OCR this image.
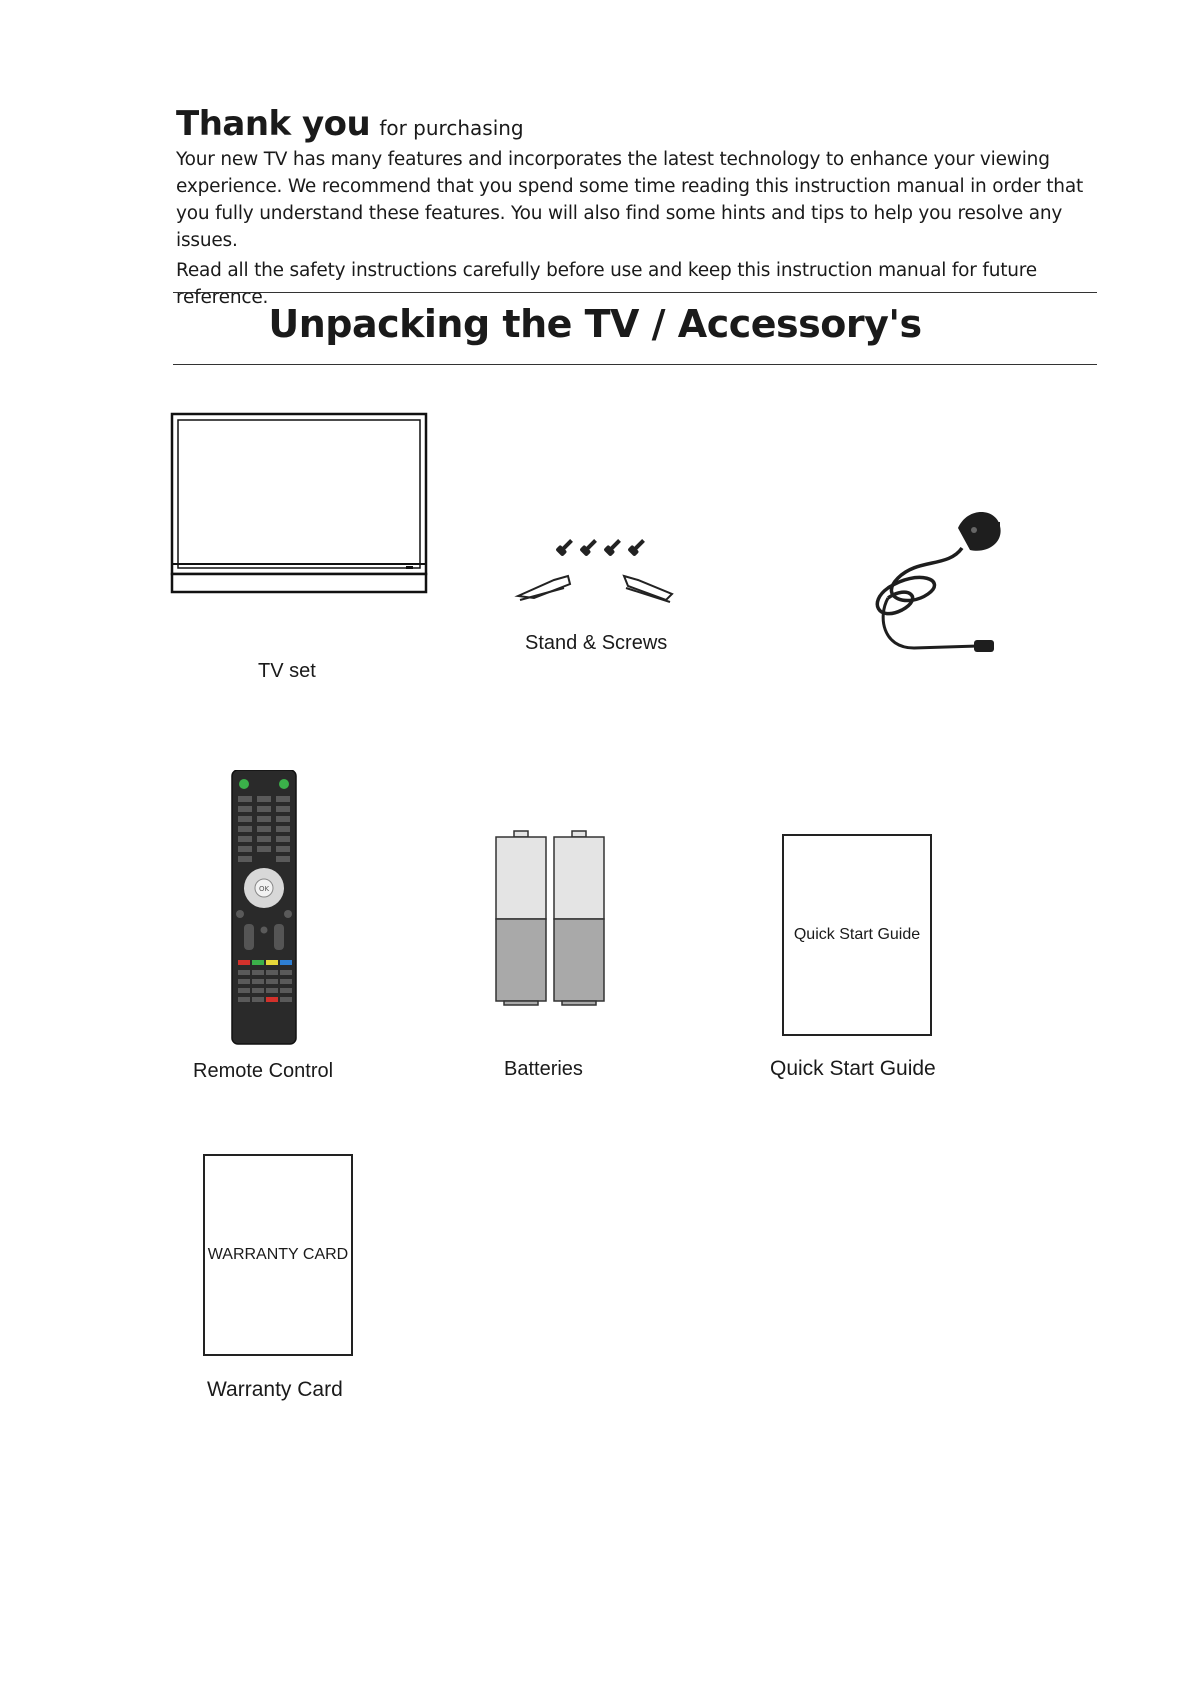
Thank you for purchasing

Your new TV has many features and incorporates the latest technology to enhance your viewing experience. We recommend that you spend some time reading this instruction manual in order that you fully understand these features. You will also find some hints and tips to help you resolve any issues.

Read all the safety instructions carefully before use and keep this instruction manual for future reference.

Unpacking the TV / Accessory's
TV set
Stand & Screws
OK
Remote Control	Batteries
Quick Start Guide
Quick Start Guide
WARRANTY CARD
Warranty Card
